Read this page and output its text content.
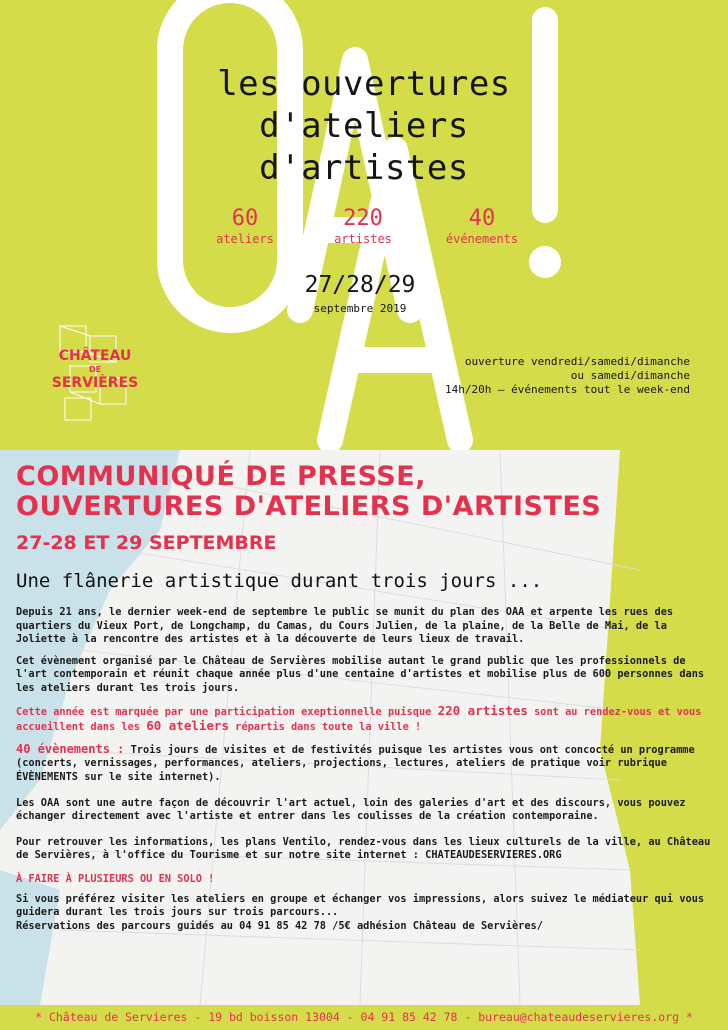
les ouvertures
d'ateliers
d'artistes
60
ateliers
220
artistes
40
événements
27/28/29
septembre 2019
CHÂTEAU
DE
SERVIÈRES
ouverture vendredi/samedi/dimanche
ou samedi/dimanche
14h/20h — événements tout le week-end
COMMUNIQUÉ DE PRESSE,
OUVERTURES D'ATELIERS D'ARTISTES
27-28 ET 29 SEPTEMBRE
Une flânerie artistique durant trois jours ...

Depuis 21 ans, le dernier week-end de septembre le public se munit du plan des OAA et arpente les rues des quartiers du Vieux Port, de Longchamp, du Camas, du Cours Julien, de la plaine, de la Belle de Mai, de la Joliette à la rencontre des artistes et à la découverte de leurs lieux de travail.

Cet évènement organisé par le Château de Servières mobilise autant le grand public que les professionnels de l'art contemporain et réunit chaque année plus d'une centaine d'artistes et mobilise plus de 600 personnes dans les ateliers durant les trois jours.

Cette année est marquée par une participation exeptionnelle puisque 220 artistes sont au rendez-vous et vous accueillent dans les 60 ateliers répartis dans toute la ville !

40 évènements : Trois jours de visites et de festivités puisque les artistes vous ont concocté un programme (concerts, vernissages, performances, ateliers, projections, lectures, ateliers de pratique voir rubrique ÉVÈNEMENTS sur le site internet).

Les OAA sont une autre façon de découvrir l'art actuel, loin des galeries d'art et des discours, vous pouvez échanger directement avec l'artiste et entrer dans les coulisses de la création contemporaine.

Pour retrouver les informations, les plans Ventilo, rendez-vous dans les lieux culturels de la ville, au Château de Servières, à l'office du Tourisme et sur notre site internet : CHATEAUDESERVIERES.ORG

À FAIRE À PLUSIEURS OU EN SOLO !

Si vous préférez visiter les ateliers en groupe et échanger vos impressions, alors suivez le médiateur qui vous guidera durant les trois jours sur trois parcours...

Réservations des parcours guidés au 04 91 85 42 78 /5€ adhésion Château de Servières/

* Château de Servieres - 19 bd boisson 13004 - 04 91 85 42 78 - bureau@chateaudeservieres.org *
